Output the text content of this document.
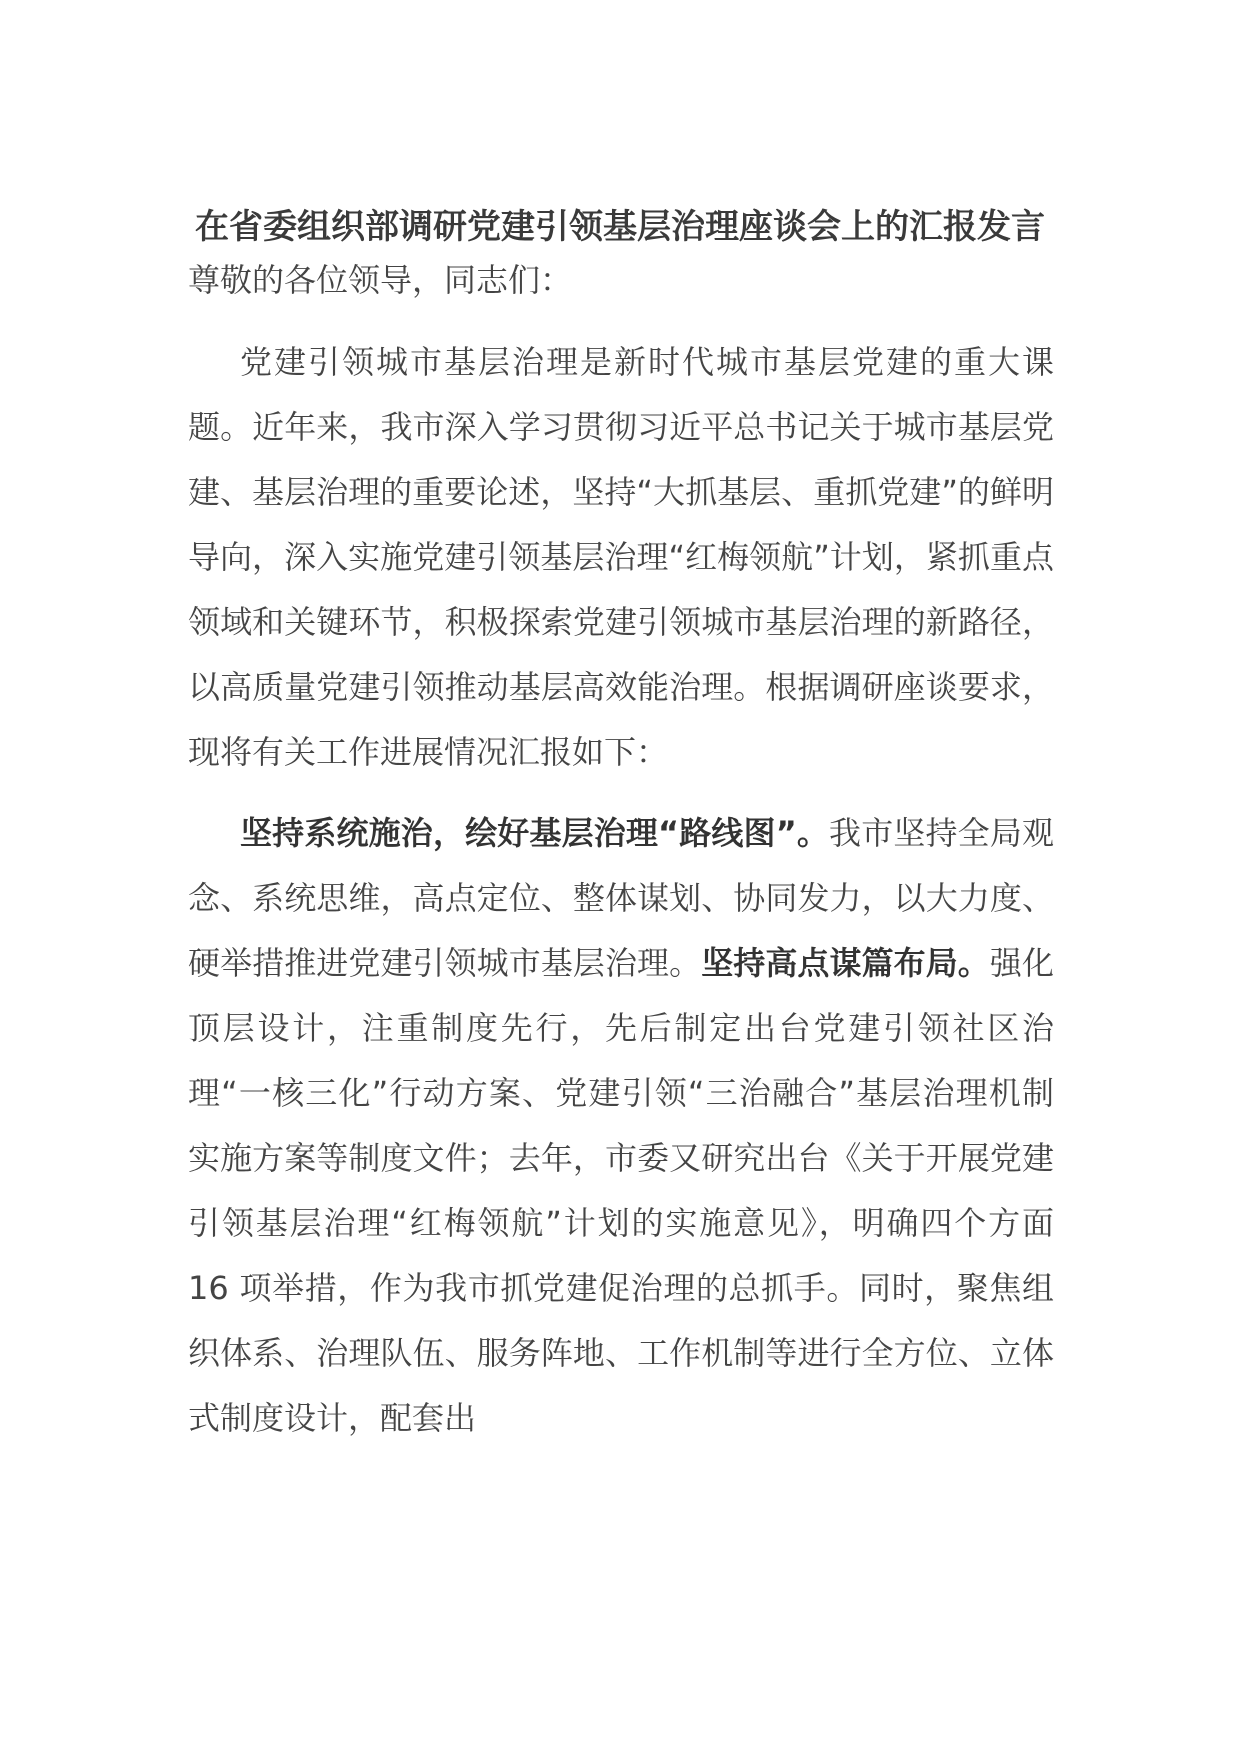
在省委组织部调研党建引领基层治理座谈会上的汇报发言

尊敬的各位领导，同志们：

党建引领城市基层治理是新时代城市基层党建的重大课题。近年来，我市深入学习贯彻习近平总书记关于城市基层党建、基层治理的重要论述，坚持“大抓基层、重抓党建”的鲜明导向，深入实施党建引领基层治理“红梅领航”计划，紧抓重点领域和关键环节，积极探索党建引领城市基层治理的新路径，以高质量党建引领推动基层高效能治理。根据调研座谈要求，现将有关工作进展情况汇报如下：

坚持系统施治，绘好基层治理“路线图”。我市坚持全局观念、系统思维，高点定位、整体谋划、协同发力，以大力度、硬举措推进党建引领城市基层治理。坚持高点谋篇布局。强化顶层设计，注重制度先行，先后制定出台党建引领社区治理“一核三化”行动方案、党建引领“三治融合”基层治理机制实施方案等制度文件；去年，市委又研究出台《关于开展党建引领基层治理“红梅领航”计划的实施意见》，明确四个方面 16 项举措，作为我市抓党建促治理的总抓手。同时，聚焦组织体系、治理队伍、服务阵地、工作机制等进行全方位、立体式制度设计，配套出
